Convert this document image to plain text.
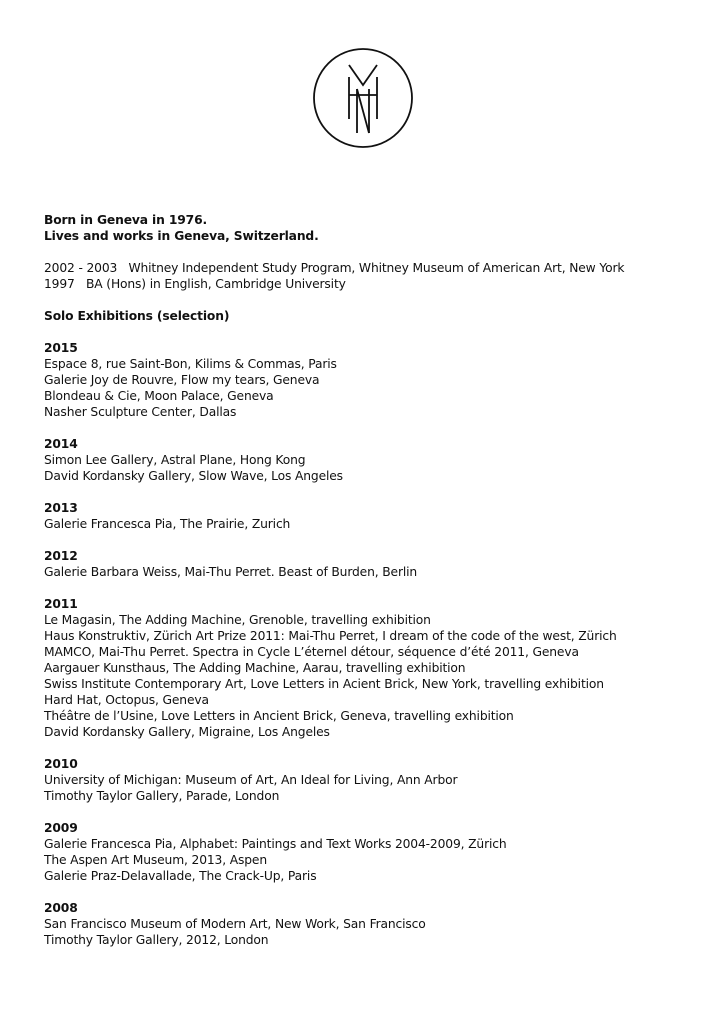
Born in Geneva in 1976.
Lives and works in Geneva, Switzerland.
2002 - 2003 Whitney Independent Study Program, Whitney Museum of American Art, New York
1997 BA (Hons) in English, Cambridge University
Solo Exhibitions (selection)
2015
Espace 8, rue Saint-Bon, Kilims & Commas, Paris
Galerie Joy de Rouvre, Flow my tears, Geneva
Blondeau & Cie, Moon Palace, Geneva
Nasher Sculpture Center, Dallas
2014
Simon Lee Gallery, Astral Plane, Hong Kong
David Kordansky Gallery, Slow Wave, Los Angeles
2013
Galerie Francesca Pia, The Prairie, Zurich
2012
Galerie Barbara Weiss, Mai-Thu Perret. Beast of Burden, Berlin
2011
Le Magasin, The Adding Machine, Grenoble, travelling exhibition
Haus Konstruktiv, Zürich Art Prize 2011: Mai-Thu Perret, I dream of the code of the west, Zürich
MAMCO, Mai-Thu Perret. Spectra in Cycle L’éternel détour, séquence d’été 2011, Geneva
Aargauer Kunsthaus, The Adding Machine, Aarau, travelling exhibition
Swiss Institute Contemporary Art, Love Letters in Acient Brick, New York, travelling exhibition
Hard Hat, Octopus, Geneva
Théâtre de l’Usine, Love Letters in Ancient Brick, Geneva, travelling exhibition
David Kordansky Gallery, Migraine, Los Angeles
2010
University of Michigan: Museum of Art, An Ideal for Living, Ann Arbor
Timothy Taylor Gallery, Parade, London
2009
Galerie Francesca Pia, Alphabet: Paintings and Text Works 2004-2009, Zürich
The Aspen Art Museum, 2013, Aspen
Galerie Praz-Delavallade, The Crack-Up, Paris
2008
San Francisco Museum of Modern Art, New Work, San Francisco
Timothy Taylor Gallery, 2012, London
